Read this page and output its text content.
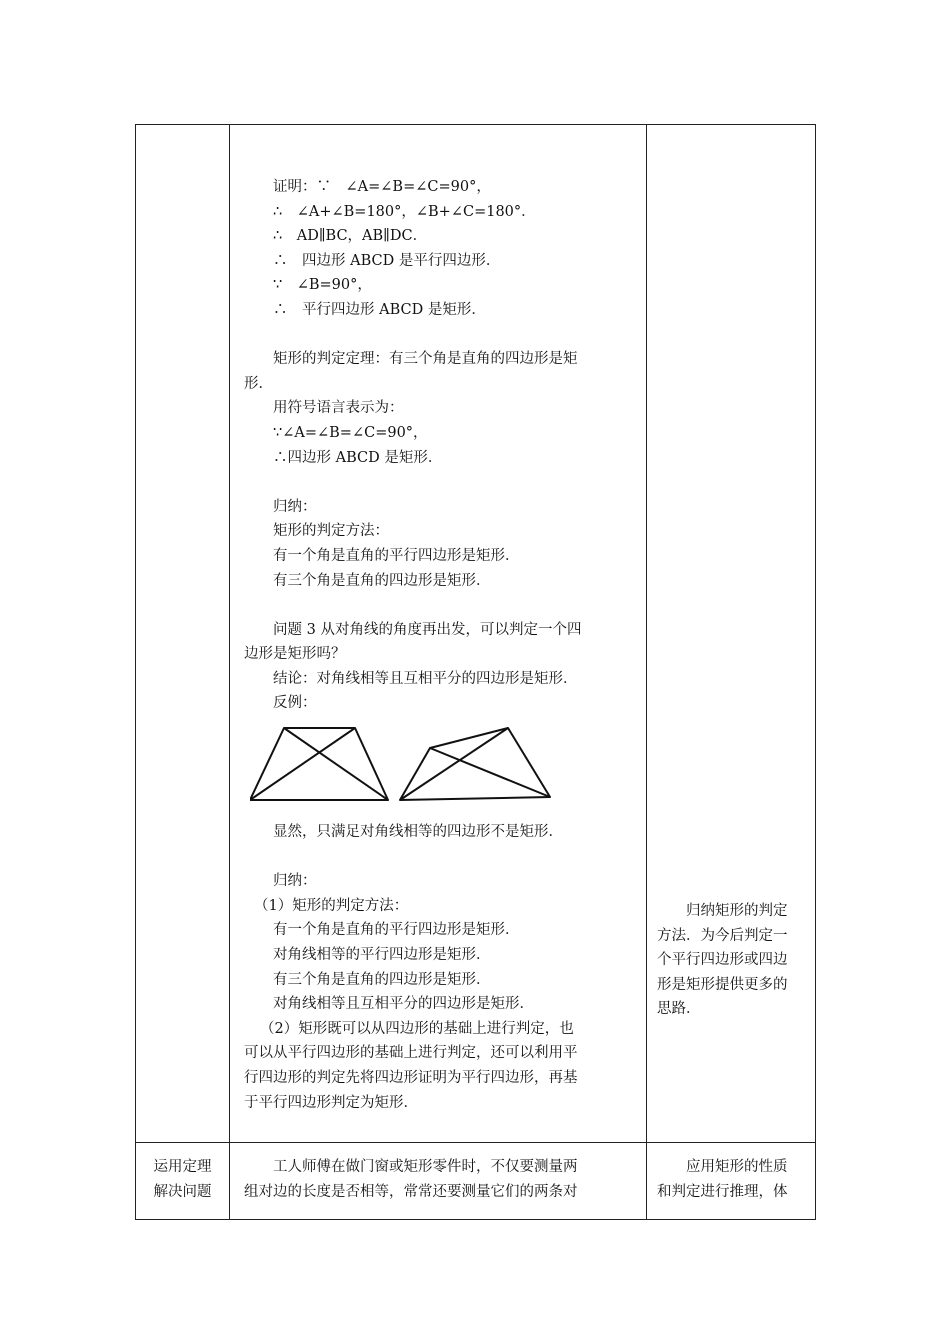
证明：∵　∠A=∠B=∠C=90°，

∴　∠A+∠B=180°，∠B+∠C=180°．

∴　AD∥BC，AB∥DC．

∴　四边形 ABCD 是平行四边形．

∵　∠B=90°，

∴　平行四边形 ABCD 是矩形．

矩形的判定定理：有三个角是直角的四边形是矩

形．

用符号语言表示为：

∵∠A=∠B=∠C=90°，

∴四边形 ABCD 是矩形．

归纳：

矩形的判定方法：

有一个角是直角的平行四边形是矩形．

有三个角是直角的四边形是矩形．

问题 3 从对角线的角度再出发，可以判定一个四

边形是矩形吗？

结论：对角线相等且互相平分的四边形是矩形．

反例：

显然，只满足对角线相等的四边形不是矩形．

归纳：

（1）矩形的判定方法：

有一个角是直角的平行四边形是矩形．

对角线相等的平行四边形是矩形．

有三个角是直角的四边形是矩形．

对角线相等且互相平分的四边形是矩形．

（2）矩形既可以从四边形的基础上进行判定，也

可以从平行四边形的基础上进行判定，还可以利用平

行四边形的判定先将四边形证明为平行四边形，再基

于平行四边形判定为矩形．

归纳矩形的判定

方法．为今后判定一

个平行四边形或四边

形是矩形提供更多的

思路．

运用定理
解决问题

工人师傅在做门窗或矩形零件时，不仅要测量两

组对边的长度是否相等，常常还要测量它们的两条对

应用矩形的性质

和判定进行推理，体
